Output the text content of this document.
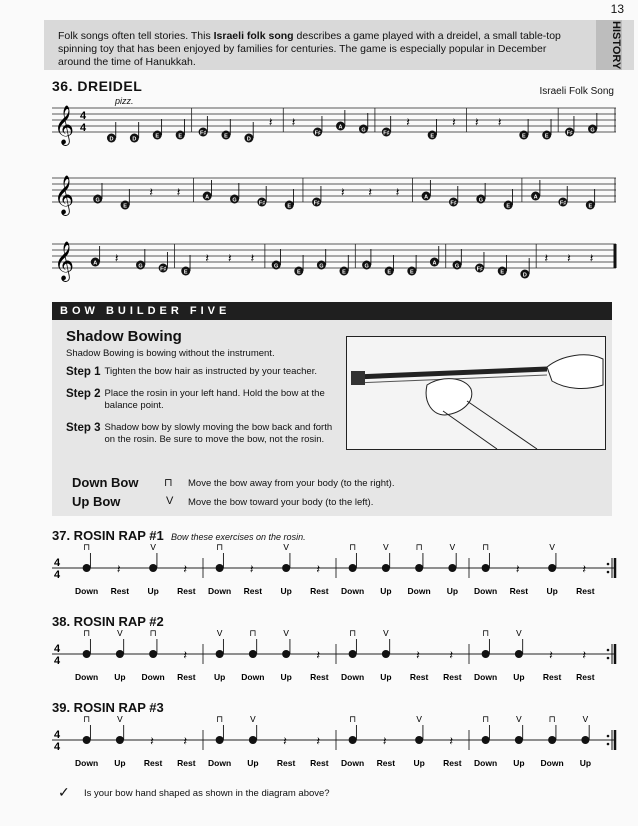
13
Folk songs often tell stories. This Israeli folk song describes a game played with a dreidel, a small table-top spinning toy that has been enjoyed by families for centuries. The game is especially popular in December around the time of Hanukkah.	HISTORY
36. DREIDEL	Israeli Folk Song
pizz.
𝄞 4
4
D	D	E	E	F♯	E	D
𝄽 𝄽
F♯
A	G	F♯
𝄽
E
𝄽 𝄽 𝄽
E	E	F♯	G
𝄞	G
E
𝄽 𝄽	A	G	F♯	E	F♯
𝄽 𝄽 𝄽	A
F♯	G
E
A
F♯	E
𝄞	A 𝄽
G	F♯	E
𝄽 𝄽 𝄽
G
E
G
E
G
E	E
A	G	F♯	E	D
𝄽 𝄽 𝄽
BOW BUILDER FIVE
Shadow Bowing
Shadow Bowing is bowing without the instrument.
Step 1 Tighten the bow hair as instructed by your teacher.
Step 2 Place the rosin in your left hand. Hold the bow at the balance point.
Step 3 Shadow bow by slowly moving the bow back and forth on the rosin. Be sure to move the bow, not the rosin.
Down Bow ⊓ Move the bow away from your body (to the right).
Up Bow	V Move the bow toward your body (to the left).
37. ROSIN RAP #1 Bow these exercises on the rosin.
4
4
⊓
Down
𝄽
Rest
V
Up
𝄽
Rest
⊓
Down
𝄽
Rest
V
Up
𝄽
Rest
⊓
Down
V
Up
⊓
Down
V
Up
⊓
Down
𝄽
Rest
V
Up
𝄽
Rest
38. ROSIN RAP #2
4
4
⊓
Down
V
Up
⊓
Down
𝄽
Rest
V
Up
⊓
Down
V
Up
𝄽
Rest
⊓
Down
V
Up
𝄽
Rest
𝄽
Rest
⊓
Down
V
Up
𝄽
Rest
𝄽
Rest
39. ROSIN RAP #3
4
4
⊓
Down
V
Up
𝄽
Rest
𝄽
Rest
⊓
Down
V
Up
𝄽
Rest
𝄽
Rest
⊓
Down
𝄽
Rest
V
Up
𝄽
Rest
⊓
Down
V
Up
⊓
Down
V
Up
✓ Is your bow hand shaped as shown in the diagram above?
